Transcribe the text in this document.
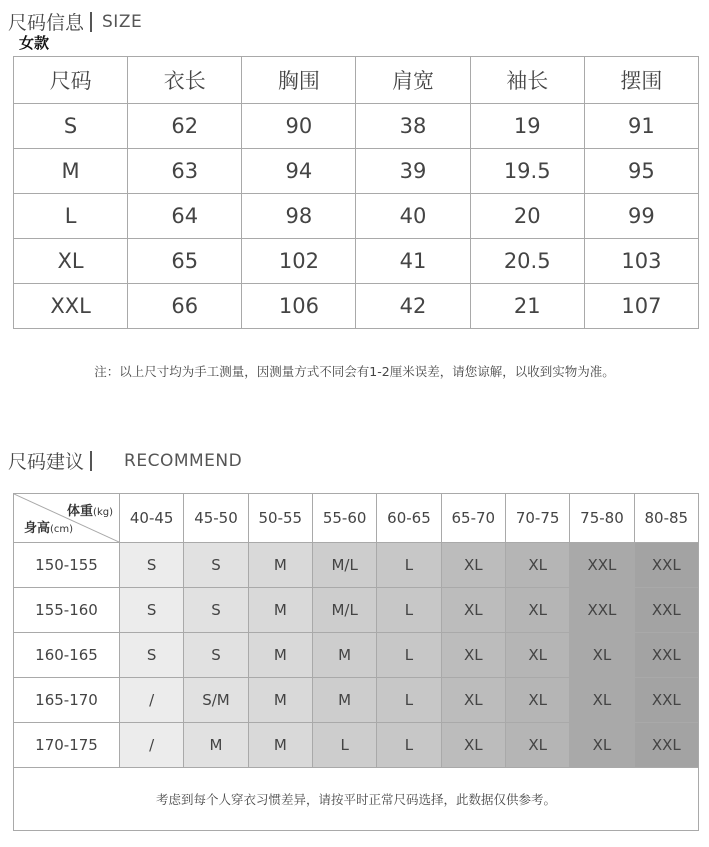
尺码信息 SIZE
女款
尺码	衣长	胸围	肩宽	袖长	摆围
S	62	90	38	19	91
M	63	94	39	19.5	95
L	64	98	40	20	99
XL	65	102	41	20.5	103
XXL	66	106	42	21	107
注：以上尺寸均为手工测量，因测量方式不同会有1-2厘米误差，请您谅解，以收到实物为准。
尺码建议 RECOMMEND
体重(kg)
身高(cm)	40-45	45-50	50-55	55-60	60-65	65-70	70-75	75-80	80-85
150-155	S	S	M	M/L	L	XL	XL	XXL	XXL
155-160	S	S	M	M/L	L	XL	XL	XXL	XXL
160-165	S	S	M	M	L	XL	XL	XL	XXL
165-170	/	S/M	M	M	L	XL	XL	XL	XXL
170-175	/	M	M	L	L	XL	XL	XL	XXL
考虑到每个人穿衣习惯差异，请按平时正常尺码选择，此数据仅供参考。
